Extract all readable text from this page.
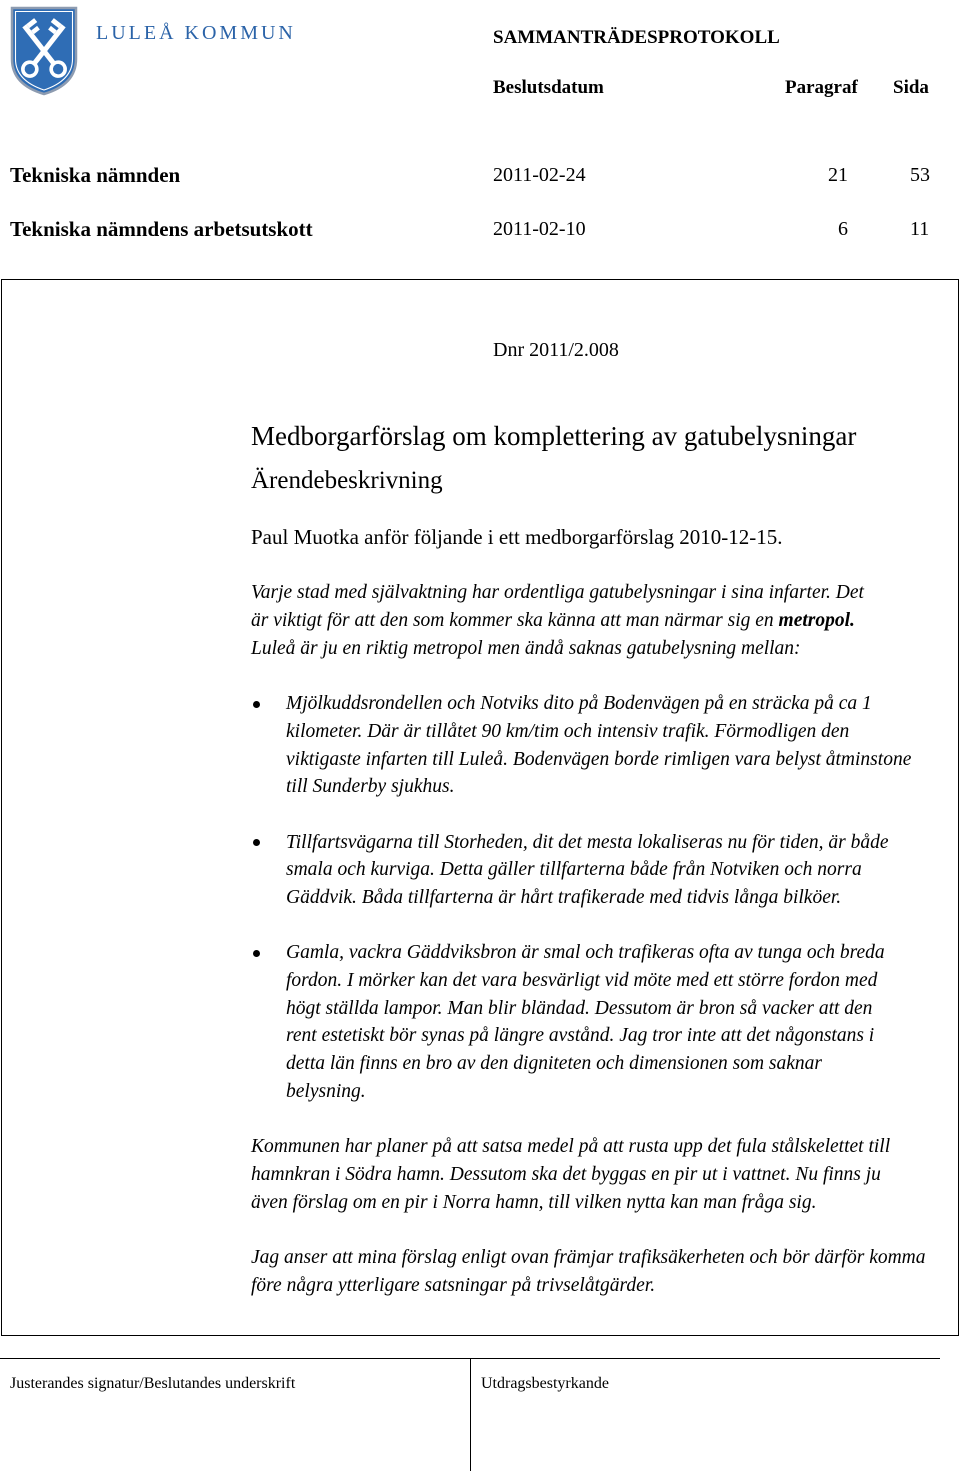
LULEÅ KOMMUN	SAMMANTRÄDESPROTOKOLL
Beslutsdatum	Paragraf Sida
Tekniska nämnden	2011-02-24	21	53
Tekniska nämndens arbetsutskott	2011-02-10	6	11
Dnr 2011/2.008
Medborgarförslag om komplettering av gatubelysningar
Ärendebeskrivning
Paul Muotka anför följande i ett medborgarförslag 2010-12-15.
Varje stad med självaktning har ordentliga gatubelysningar i sina infarter. Det
är viktigt för att den som kommer ska känna att man närmar sig en metropol.
Luleå är ju en riktig metropol men ändå saknas gatubelysning mellan:
Mjölkuddsrondellen och Notviks dito på Bodenvägen på en sträcka på ca 1
kilometer. Där är tillåtet 90 km/tim och intensiv trafik. Förmodligen den
viktigaste infarten till Luleå. Bodenvägen borde rimligen vara belyst åtminstone
till Sunderby sjukhus.
Tillfartsvägarna till Storheden, dit det mesta lokaliseras nu för tiden, är både
smala och kurviga. Detta gäller tillfarterna både från Notviken och norra
Gäddvik. Båda tillfarterna är hårt trafikerade med tidvis långa bilköer.
Gamla, vackra Gäddviksbron är smal och trafikeras ofta av tunga och breda
fordon. I mörker kan det vara besvärligt vid möte med ett större fordon med
högt ställda lampor. Man blir bländad. Dessutom är bron så vacker att den
rent estetiskt bör synas på längre avstånd. Jag tror inte att det någonstans i
detta län finns en bro av den digniteten och dimensionen som saknar
belysning.
Kommunen har planer på att satsa medel på att rusta upp det fula stålskelettet till
hamnkran i Södra hamn. Dessutom ska det byggas en pir ut i vattnet. Nu finns ju
även förslag om en pir i Norra hamn, till vilken nytta kan man fråga sig.
Jag anser att mina förslag enligt ovan främjar trafiksäkerheten och bör därför komma
före några ytterligare satsningar på trivselåtgärder.
Justerandes signatur/Beslutandes underskrift	Utdragsbestyrkande
